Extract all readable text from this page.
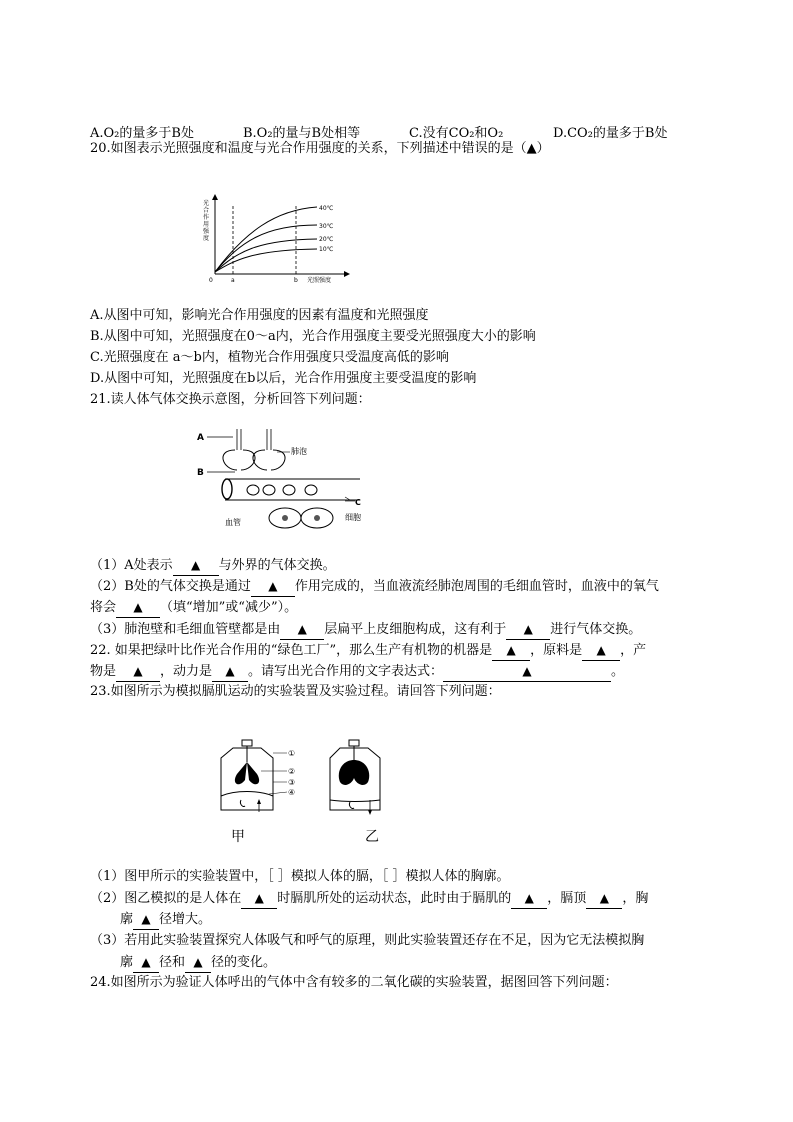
A.O₂的量多于B处	B.O₂的量与B处相等	C.没有CO₂和O₂	D.CO₂的量多于B处
20.如图表示光照强度和温度与光合作用强度的关系，下列描述中错误的是（▲）
40℃
30℃
20℃
10℃
0	a	b 光照强度
光合作用强度
A.从图中可知，影响光合作用强度的因素有温度和光照强度
B.从图中可知，光照强度在0～a内，光合作用强度主要受光照强度大小的影响
C.光照强度在 a～b内，植物光合作用强度只受温度高低的影响
D.从图中可知，光照强度在b以后，光合作用强度主要受温度的影响
21.读人体气体交换示意图，分析回答下列问题：
A
B
肺泡
C
血管
细胞
（1）A处表示 ▲ 与外界的气体交换。
（2）B处的气体交换是通过 ▲ 作用完成的，当血液流经肺泡周围的毛细血管时，血液中的氧气
将会 ▲ （填“增加”或“减少”）。
（3）肺泡壁和毛细血管壁都是由 ▲ 层扁平上皮细胞构成，这有利于 ▲ 进行气体交换。
22. 如果把绿叶比作光合作用的“绿色工厂”，那么生产有机物的机器是 ▲ ，原料是 ▲ ，产
物是 ▲ ，动力是 ▲ 。请写出光合作用的文字表达式：	▲	。
23.如图所示为模拟膈肌运动的实验装置及实验过程。请回答下列问题：
①
②
③
④
甲	乙
（1）图甲所示的实验装置中，［ ］模拟人体的膈，［ ］模拟人体的胸廓。
（2）图乙模拟的是人体在 ▲ 时膈肌所处的运动状态，此时由于膈肌的 ▲ ，膈顶 ▲ ，胸
廓 ▲ 径增大。
（3）若用此实验装置探究人体吸气和呼气的原理，则此实验装置还存在不足，因为它无法模拟胸
廓 ▲ 径和 ▲ 径的变化。
24.如图所示为验证人体呼出的气体中含有较多的二氧化碳的实验装置，据图回答下列问题：
